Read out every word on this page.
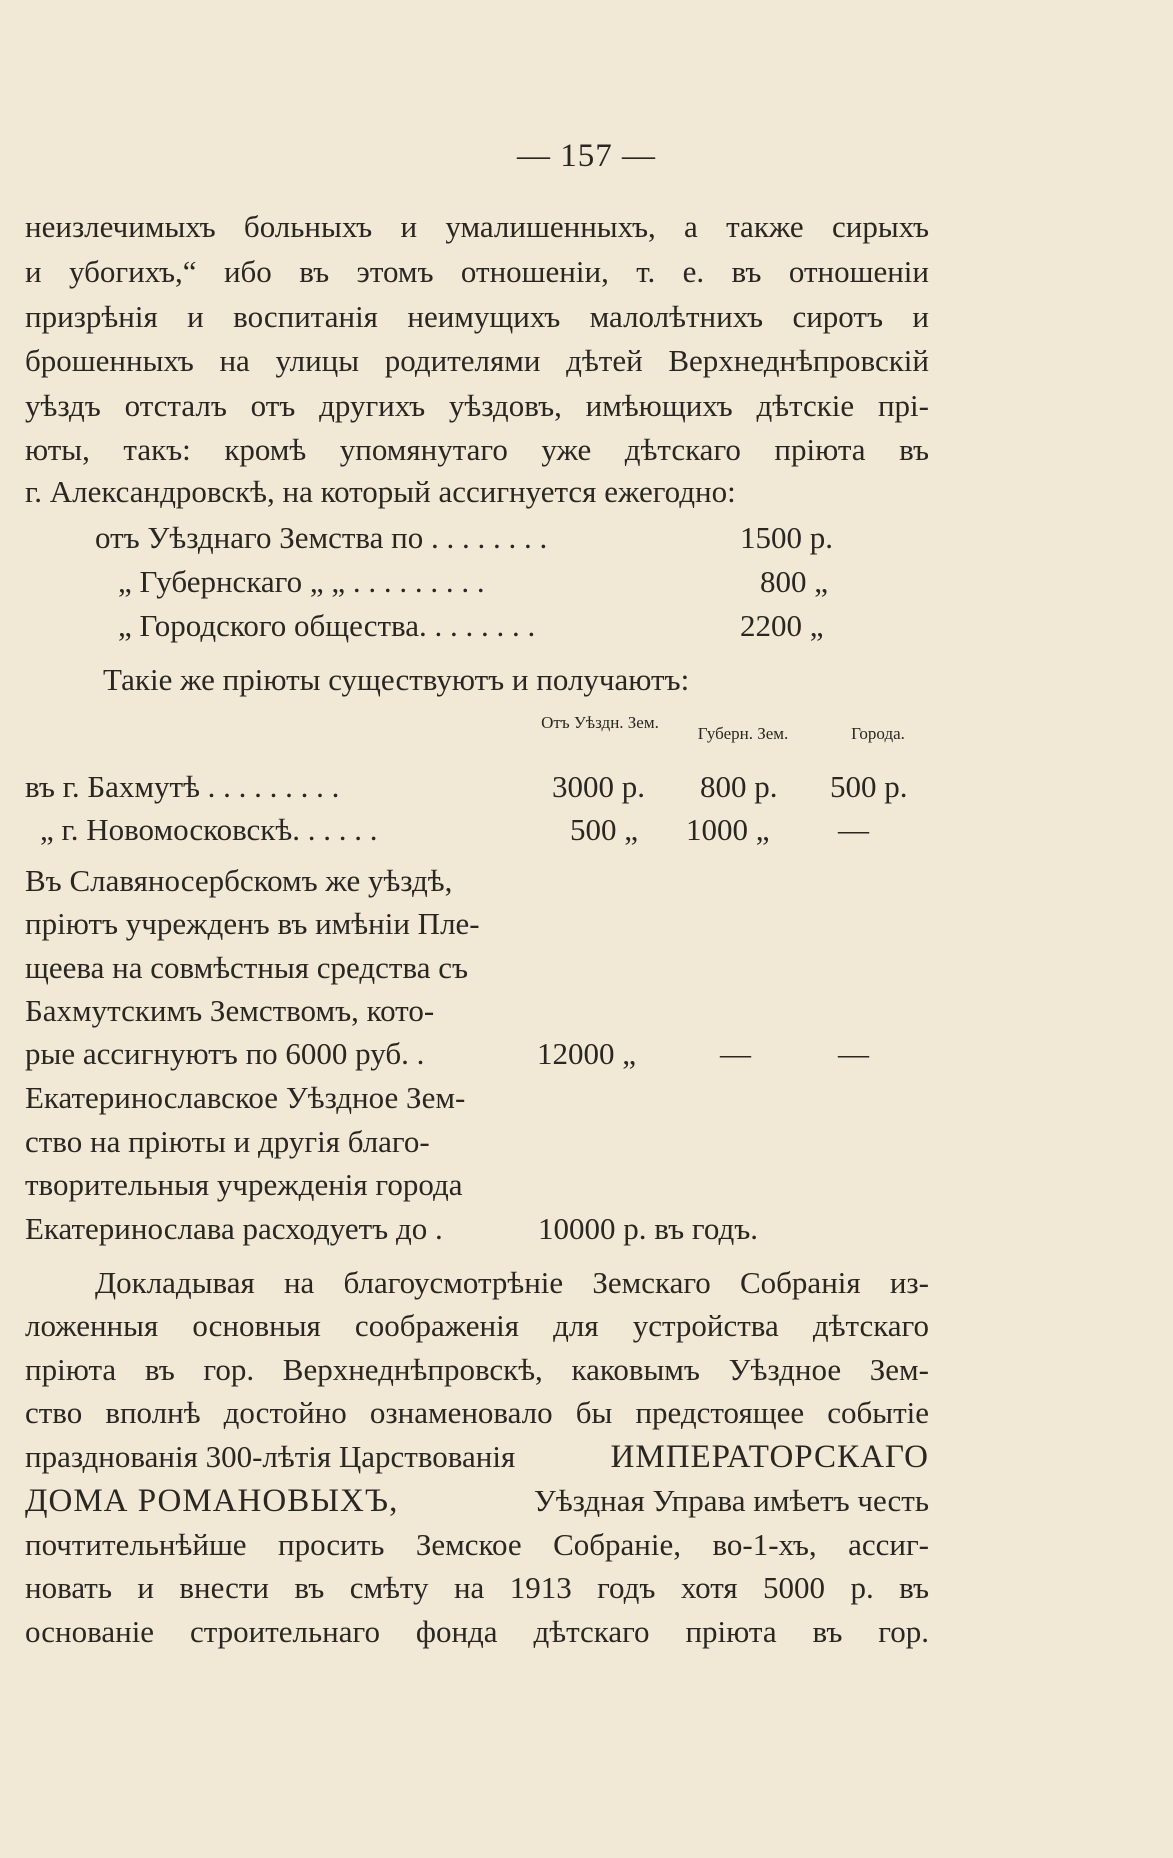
— 157 —
неизлечимыхъ больныхъ и умалишенныхъ, а также сирыхъ
и убогихъ,“ ибо въ этомъ отношенiи, т. е. въ отношенiи
призрѣнiя и воспитанiя неимущихъ малолѣтнихъ сиротъ и
брошенныхъ на улицы родителями дѣтей Верхнеднѣпровскiй
уѣздъ отсталъ отъ другихъ уѣздовъ, имѣющихъ дѣтскiе прi-
юты, такъ: кромѣ упомянутаго уже дѣтскаго прiюта въ
г. Александровскѣ, на который ассигнуется ежегодно:
отъ Уѣзднаго Земства по . . . . . . . .	1500 р.
„ Губернскаго „ „ . . . . . . . . .	800 „
„ Городского общества. . . . . . . .	2200 „
Такiе же прiюты существуютъ и получаютъ:
Отъ Уѣздн. Зем.
Губерн. Зем.	Города.
въ г. Бахмутѣ . . . . . . . . .	3000 р. 800 р. 500 р.
„ г. Новомосковскѣ. . . . . .	500 „ 1000 „ —
Въ Славяносербскомъ же уѣздѣ,
прiютъ учрежденъ въ имѣнiи Пле-
щеева на совмѣстныя средства съ
Бахмутскимъ Земствомъ, кото-
рые ассигнуютъ по 6000 руб. .	12000 „	—	—
Екатеринославское Уѣздное Зем-
ство на прiюты и другiя благо-
творительныя учрежденiя города
Екатеринослава расходуетъ до .	10000 р. въ годъ.
Докладывая на благоусмотрѣнiе Земскаго Собранiя из-
ложенныя основныя соображенiя для устройства дѣтскаго
прiюта въ гор. Верхнеднѣпровскѣ, каковымъ Уѣздное Зем-
ство вполнѣ достойно ознаменовало бы предстоящее событiе
празднованiя 300-лѣтiя Царствованiя	ИМПЕРАТОРСКАГО
ДОМА РОМАНОВЫХЪ,	Уѣздная Управа имѣетъ честь
почтительнѣйше просить Земское Собранiе, во-1-хъ, ассиг-
новать и внести въ смѣту на 1913 годъ хотя 5000 р. въ
основанiе строительнаго фонда дѣтскаго прiюта въ гор.
